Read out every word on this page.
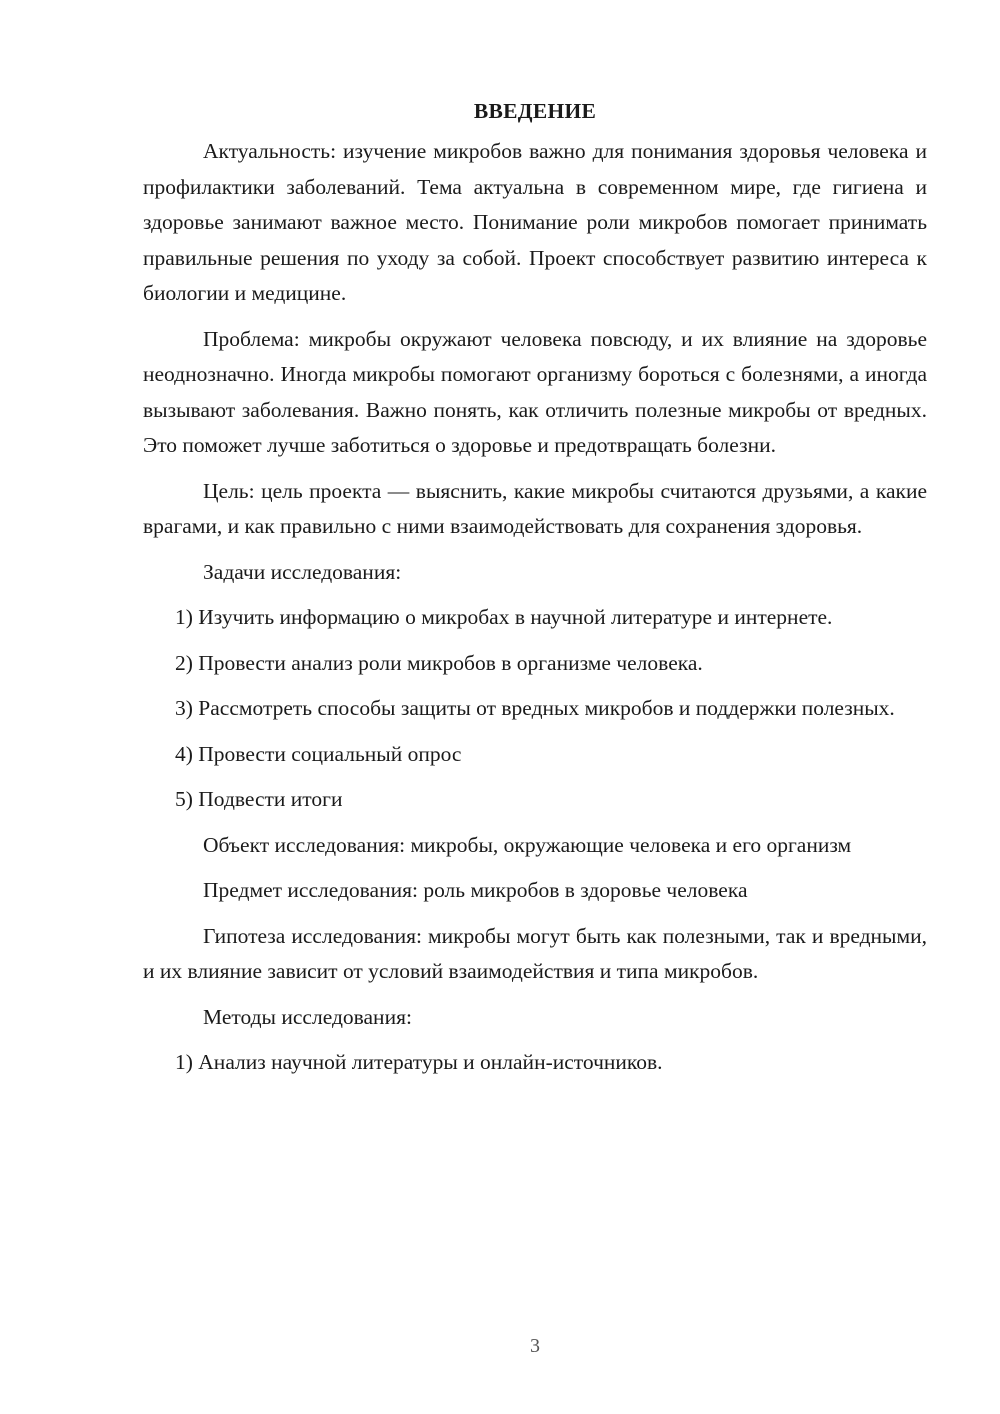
ВВЕДЕНИЕ

Актуальность: изучение микробов важно для понимания здоровья человека и профилактики заболеваний. Тема актуальна в современном мире, где гигиена и здоровье занимают важное место. Понимание роли микробов помогает принимать правильные решения по уходу за собой. Проект способствует развитию интереса к биологии и медицине.

Проблема: микробы окружают человека повсюду, и их влияние на здоровье неоднозначно. Иногда микробы помогают организму бороться с болезнями, а иногда вызывают заболевания. Важно понять, как отличить полезные микробы от вредных. Это поможет лучше заботиться о здоровье и предотвращать болезни.

Цель: цель проекта — выяснить, какие микробы считаются друзьями, а какие врагами, и как правильно с ними взаимодействовать для сохранения здоровья.

Задачи исследования:

1) Изучить информацию о микробах в научной литературе и интернете.

2) Провести анализ роли микробов в организме человека.

3) Рассмотреть способы защиты от вредных микробов и поддержки полезных.

4) Провести социальный опрос

5) Подвести итоги

Объект исследования: микробы, окружающие человека и его организм

Предмет исследования: роль микробов в здоровье человека

Гипотеза исследования: микробы могут быть как полезными, так и вредными, и их влияние зависит от условий взаимодействия и типа микробов.

Методы исследования:

1) Анализ научной литературы и онлайн-источников.

3
